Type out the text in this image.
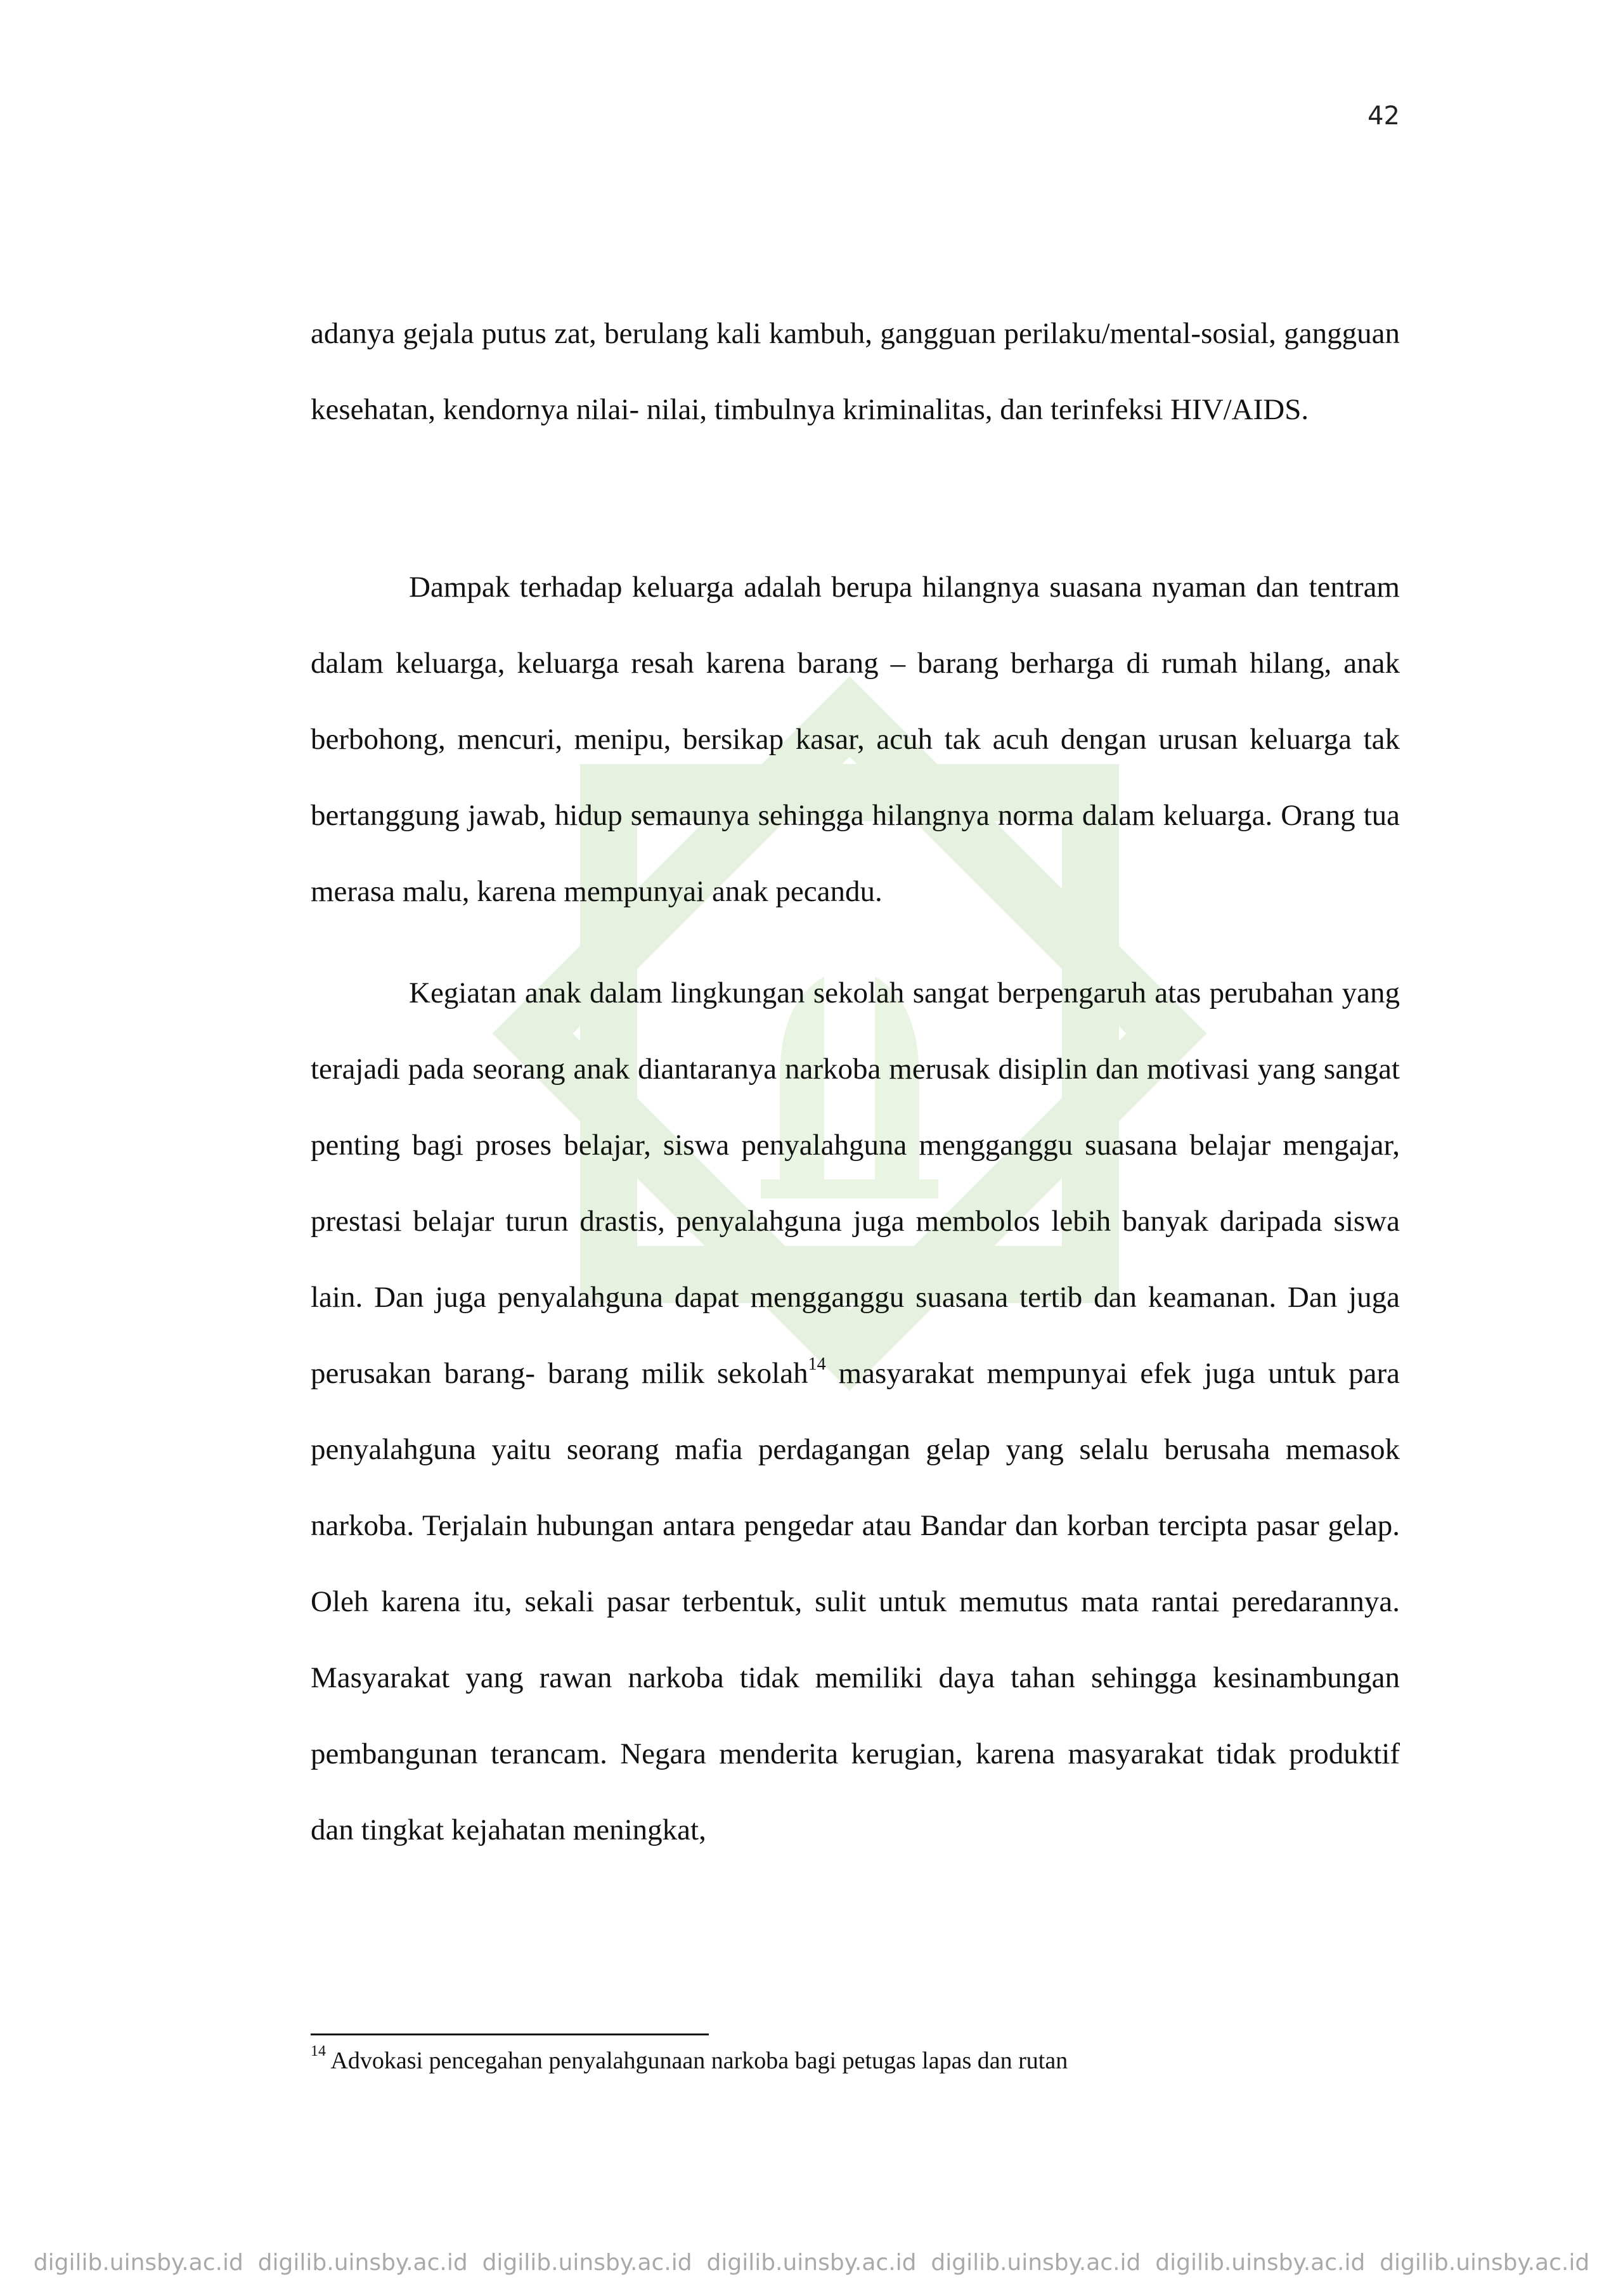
42

adanya gejala putus zat, berulang kali kambuh, gangguan perilaku/mental-sosial, gangguan kesehatan, kendornya nilai- nilai, timbulnya kriminalitas, dan terinfeksi HIV/AIDS.

Dampak terhadap keluarga adalah berupa hilangnya suasana nyaman dan tentram dalam keluarga, keluarga resah karena barang – barang berharga di rumah hilang, anak berbohong, mencuri, menipu, bersikap kasar, acuh tak acuh dengan urusan keluarga tak bertanggung jawab, hidup semaunya sehingga hilangnya norma dalam keluarga. Orang tua merasa malu, karena mempunyai anak pecandu.

Kegiatan anak dalam lingkungan sekolah sangat berpengaruh atas perubahan yang terajadi pada seorang anak diantaranya narkoba merusak disiplin dan motivasi yang sangat penting bagi proses belajar, siswa penyalahguna mengganggu suasana belajar mengajar, prestasi belajar turun drastis, penyalahguna juga membolos lebih banyak daripada siswa lain. Dan juga penyalahguna dapat mengganggu suasana tertib dan keamanan. Dan juga perusakan barang- barang milik sekolah$^{14}$ masyarakat mempunyai efek juga untuk para penyalahguna yaitu seorang mafia perdagangan gelap yang selalu berusaha memasok narkoba. Terjalain hubungan antara pengedar atau Bandar dan korban tercipta pasar gelap. Oleh karena itu, sekali pasar terbentuk, sulit untuk memutus mata rantai peredarannya. Masyarakat yang rawan narkoba tidak memiliki daya tahan sehingga kesinambungan pembangunan terancam. Negara menderita kerugian, karena masyarakat tidak produktif dan tingkat kejahatan meningkat,

$^{14}$ Advokasi pencegahan penyalahgunaan narkoba bagi petugas lapas dan rutan
digilib.uinsby.ac.id  digilib.uinsby.ac.id  digilib.uinsby.ac.id  digilib.uinsby.ac.id  digilib.uinsby.ac.id  digilib.uinsby.ac.id  digilib.uinsby.ac.id
